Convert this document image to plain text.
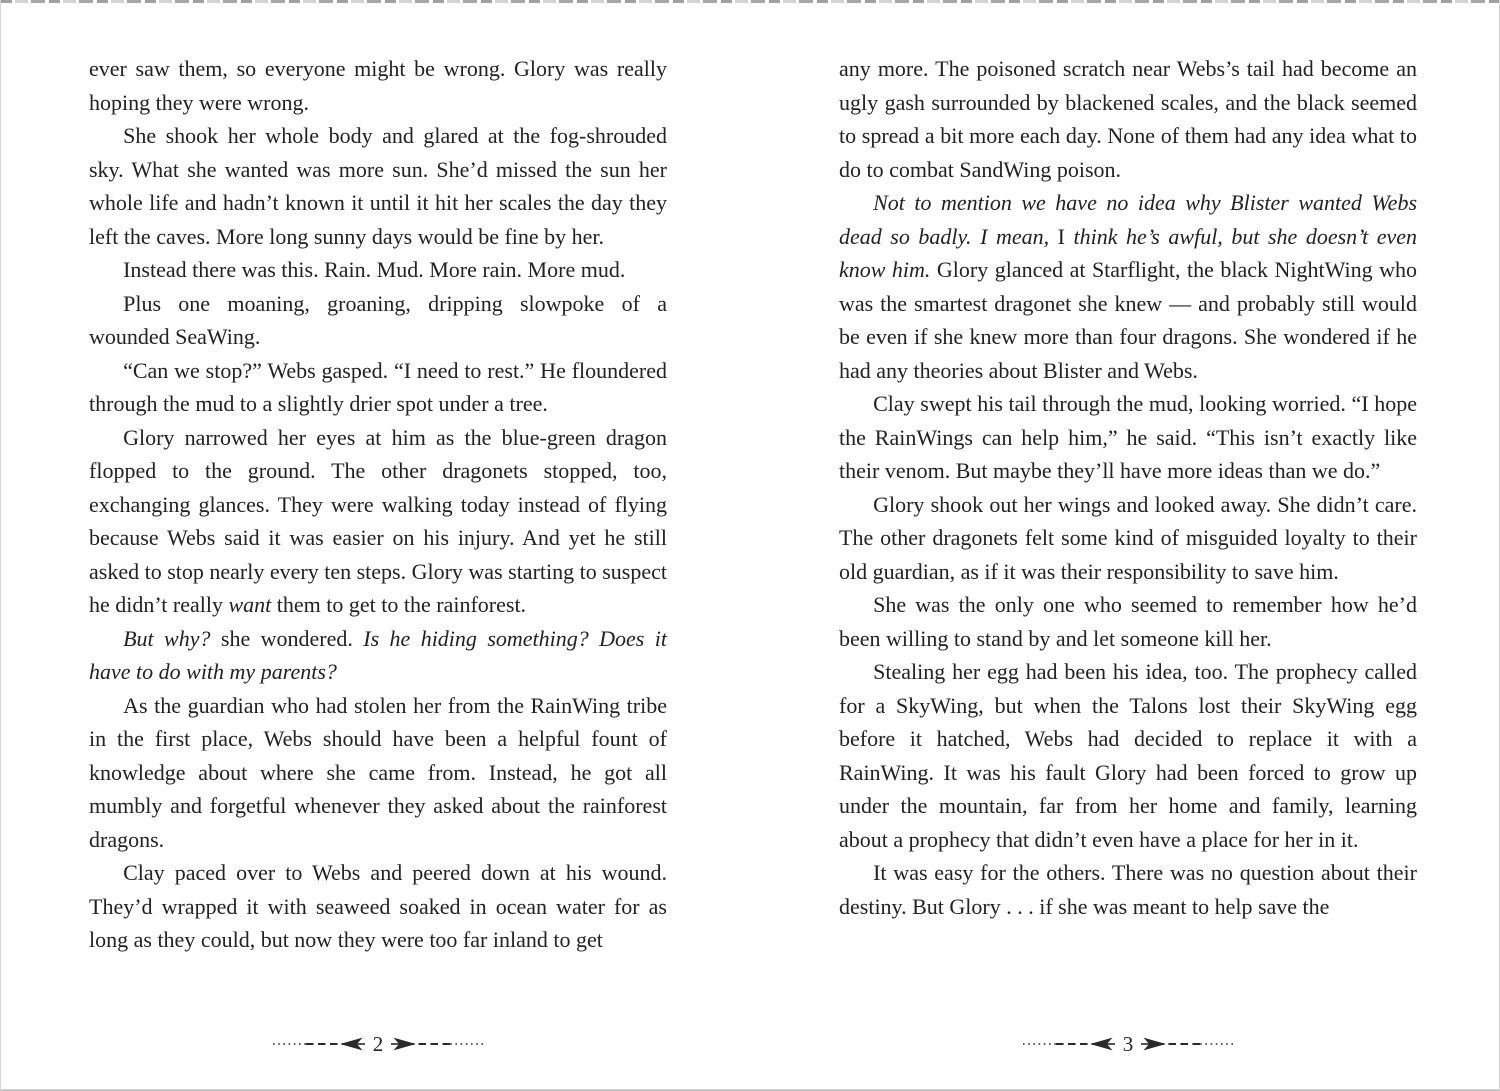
ever saw them, so everyone might be wrong. Glory was really hoping they were wrong.

She shook her whole body and glared at the fog-shrouded sky. What she wanted was more sun. She’d missed the sun her whole life and hadn’t known it until it hit her scales the day they left the caves. More long sunny days would be fine by her.

Instead there was this. Rain. Mud. More rain. More mud.

Plus one moaning, groaning, dripping slowpoke of a wounded SeaWing.

“Can we stop?” Webs gasped. “I need to rest.” He floundered through the mud to a slightly drier spot under a tree.

Glory narrowed her eyes at him as the blue-green dragon flopped to the ground. The other dragonets stopped, too, exchanging glances. They were walking today instead of flying because Webs said it was easier on his injury. And yet he still asked to stop nearly every ten steps. Glory was starting to suspect he didn’t really want them to get to the rainforest.

But why? she wondered. Is he hiding something? Does it have to do with my parents?

As the guardian who had stolen her from the RainWing tribe in the first place, Webs should have been a helpful fount of knowledge about where she came from. Instead, he got all mumbly and forgetful whenever they asked about the rainforest dragons.

Clay paced over to Webs and peered down at his wound. They’d wrapped it with seaweed soaked in ocean water for as long as they could, but now they were too far inland to get

any more. The poisoned scratch near Webs’s tail had become an ugly gash surrounded by blackened scales, and the black seemed to spread a bit more each day. None of them had any idea what to do to combat SandWing poison.

Not to mention we have no idea why Blister wanted Webs dead so badly. I mean, I think he’s awful, but she doesn’t even know him. Glory glanced at Starflight, the black NightWing who was the smartest dragonet she knew — and probably still would be even if she knew more than four dragons. She wondered if he had any theories about Blister and Webs.

Clay swept his tail through the mud, looking worried. “I hope the RainWings can help him,” he said. “This isn’t exactly like their venom. But maybe they’ll have more ideas than we do.”

Glory shook out her wings and looked away. She didn’t care. The other dragonets felt some kind of misguided loyalty to their old guardian, as if it was their responsibility to save him.

She was the only one who seemed to remember how he’d been willing to stand by and let someone kill her.

Stealing her egg had been his idea, too. The prophecy called for a SkyWing, but when the Talons lost their SkyWing egg before it hatched, Webs had decided to replace it with a RainWing. It was his fault Glory had been forced to grow up under the mountain, far from her home and family, learning about a prophecy that didn’t even have a place for her in it.

It was easy for the others. There was no question about their destiny. But Glory . . . if she was meant to help save the

2	3
